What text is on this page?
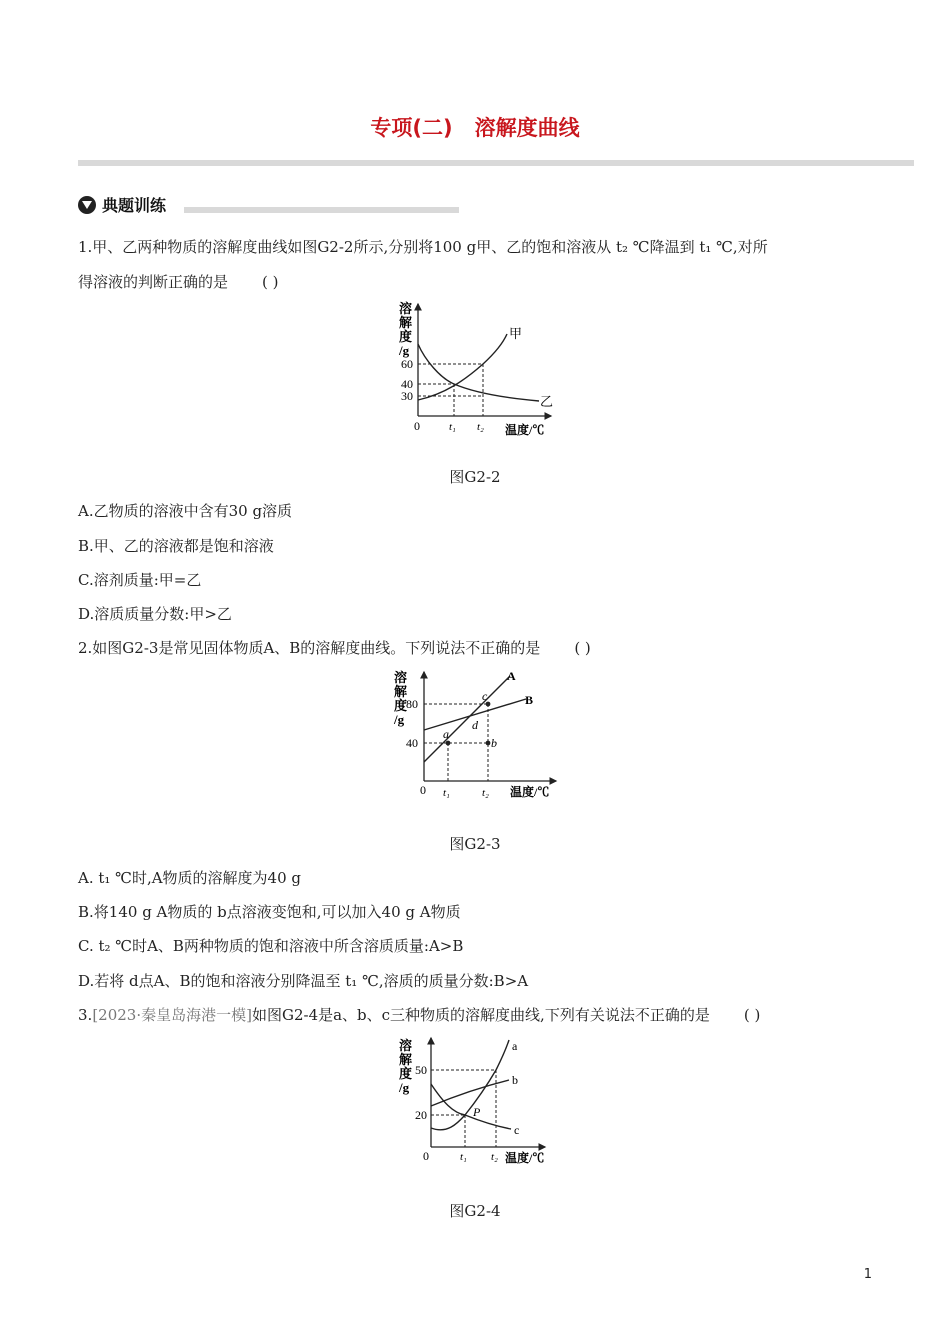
专项(二) 溶解度曲线
典题训练
1.甲、乙两种物质的溶解度曲线如图G2-2所示,分别将100 g甲、乙的饱和溶液从 t₂ ℃降温到 t₁ ℃,对所
得溶液的判断正确的是 ( )
溶
解
度
/g
60
40
30
0	t₁ t₂ 温度/℃
甲
乙
图G2-2
A.乙物质的溶液中含有30 g溶质
B.甲、乙的溶液都是饱和溶液
C.溶剂质量:甲=乙
D.溶质质量分数:甲>乙
2.如图G2-3是常见固体物质A、B的溶解度曲线。下列说法不正确的是 ( )
溶
解
度
/g
80
40
0 t₁	t₂ 温度/℃
A
B
a
b
c
d
图G2-3
A. t₁ ℃时,A物质的溶解度为40 g
B.将140 g A物质的 b点溶液变饱和,可以加入40 g A物质
C. t₂ ℃时A、B两种物质的饱和溶液中所含溶质质量:A>B
D.若将 d点A、B的饱和溶液分别降温至 t₁ ℃,溶质的质量分数:B>A
3.[2023·秦皇岛海港一模]如图G2-4是a、b、c三种物质的溶解度曲线,下列有关说法不正确的是 ( )
溶
解
度
/g
50
20
0	t₁ t₂ 温度/℃
a
b
c
P
图G2-4
1
